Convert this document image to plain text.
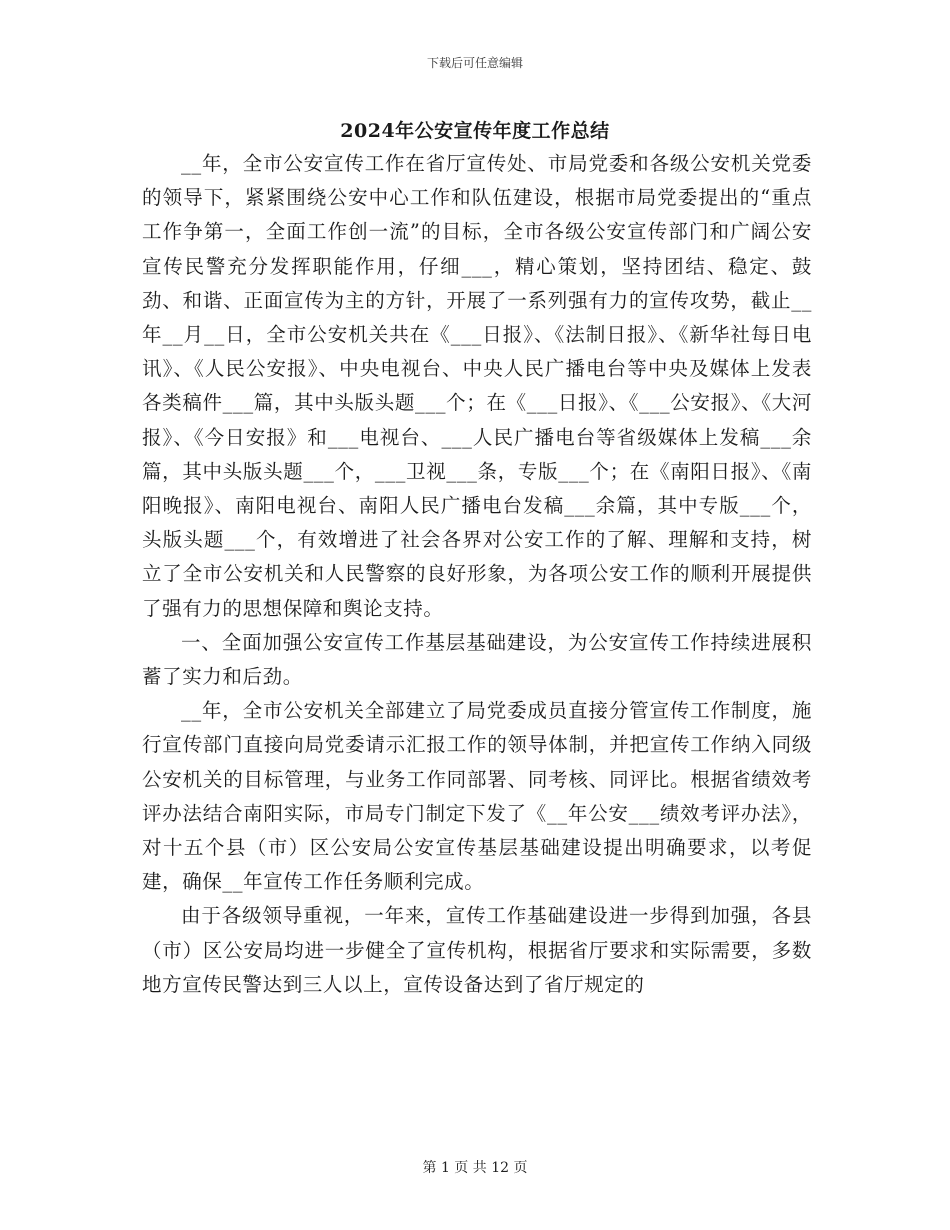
下载后可任意编辑
2024年公安宣传年度工作总结

__年，全市公安宣传工作在省厅宣传处、市局党委和各级公安机关党委的领导下，紧紧围绕公安中心工作和队伍建设，根据市局党委提出的“重点工作争第一，全面工作创一流”的目标，全市各级公安宣传部门和广阔公安宣传民警充分发挥职能作用，仔细___，精心策划，坚持团结、稳定、鼓劲、和谐、正面宣传为主的方针，开展了一系列强有力的宣传攻势，截止__年__月__日，全市公安机关共在《___日报》、《法制日报》、《新华社每日电讯》、《人民公安报》、中央电视台、中央人民广播电台等中央及媒体上发表各类稿件___篇，其中头版头题___个；在《___日报》、《___公安报》、《大河报》、《今日安报》和___电视台、___人民广播电台等省级媒体上发稿___余篇，其中头版头题___个，___卫视___条，专版___个；在《南阳日报》、《南阳晚报》、南阳电视台、南阳人民广播电台发稿___余篇，其中专版___个，头版头题___个，有效增进了社会各界对公安工作的了解、理解和支持，树立了全市公安机关和人民警察的良好形象，为各项公安工作的顺利开展提供了强有力的思想保障和舆论支持。

一、全面加强公安宣传工作基层基础建设，为公安宣传工作持续进展积蓄了实力和后劲。

__年，全市公安机关全部建立了局党委成员直接分管宣传工作制度，施行宣传部门直接向局党委请示汇报工作的领导体制，并把宣传工作纳入同级公安机关的目标管理，与业务工作同部署、同考核、同评比。根据省绩效考评办法结合南阳实际，市局专门制定下发了《__年公安___绩效考评办法》，对十五个县（市）区公安局公安宣传基层基础建设提出明确要求，以考促建，确保__年宣传工作任务顺利完成。

由于各级领导重视，一年来，宣传工作基础建设进一步得到加强，各县（市）区公安局均进一步健全了宣传机构，根据省厅要求和实际需要，多数地方宣传民警达到三人以上，宣传设备达到了省厅规定的

第 1 页 共 12 页
